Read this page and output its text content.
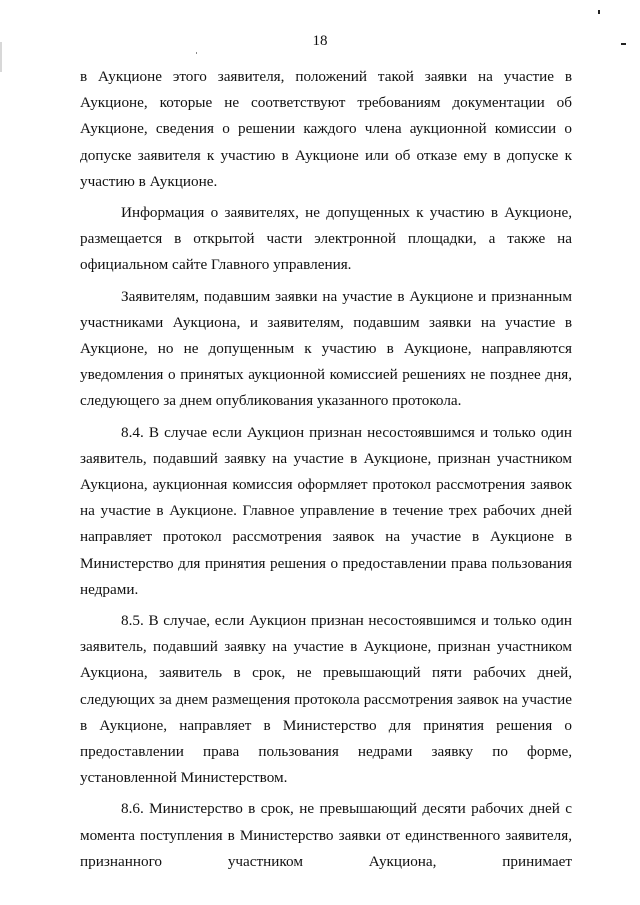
18

в Аукционе этого заявителя, положений такой заявки на участие в Аукционе, которые не соответствуют требованиям документации об Аукционе, сведения о решении каждого члена аукционной комиссии о допуске заявителя к участию в Аукционе или об отказе ему в допуске к участию в Аукционе.

Информация о заявителях, не допущенных к участию в Аукционе, размещается в открытой части электронной площадки, а также на официальном сайте Главного управления.

Заявителям, подавшим заявки на участие в Аукционе и признанным участниками Аукциона, и заявителям, подавшим заявки на участие в Аукционе, но не допущенным к участию в Аукционе, направляются уведомления о принятых аукционной комиссией решениях не позднее дня, следующего за днем опубликования указанного протокола.

8.4. В случае если Аукцион признан несостоявшимся и только один заявитель, подавший заявку на участие в Аукционе, признан участником Аукциона, аукционная комиссия оформляет протокол рассмотрения заявок на участие в Аукционе. Главное управление в течение трех рабочих дней направляет протокол рассмотрения заявок на участие в Аукционе в Министерство для принятия решения о предоставлении права пользования недрами.

8.5. В случае, если Аукцион признан несостоявшимся и только один заявитель, подавший заявку на участие в Аукционе, признан участником Аукциона, заявитель в срок, не превышающий пяти рабочих дней, следующих за днем размещения протокола рассмотрения заявок на участие в Аукционе, направляет в Министерство для принятия решения о предоставлении права пользования недрами заявку по форме, установленной Министерством.

8.6. Министерство в срок, не превышающий десяти рабочих дней с момента поступления в Министерство заявки от единственного заявителя, признанного участником Аукциона, принимает
